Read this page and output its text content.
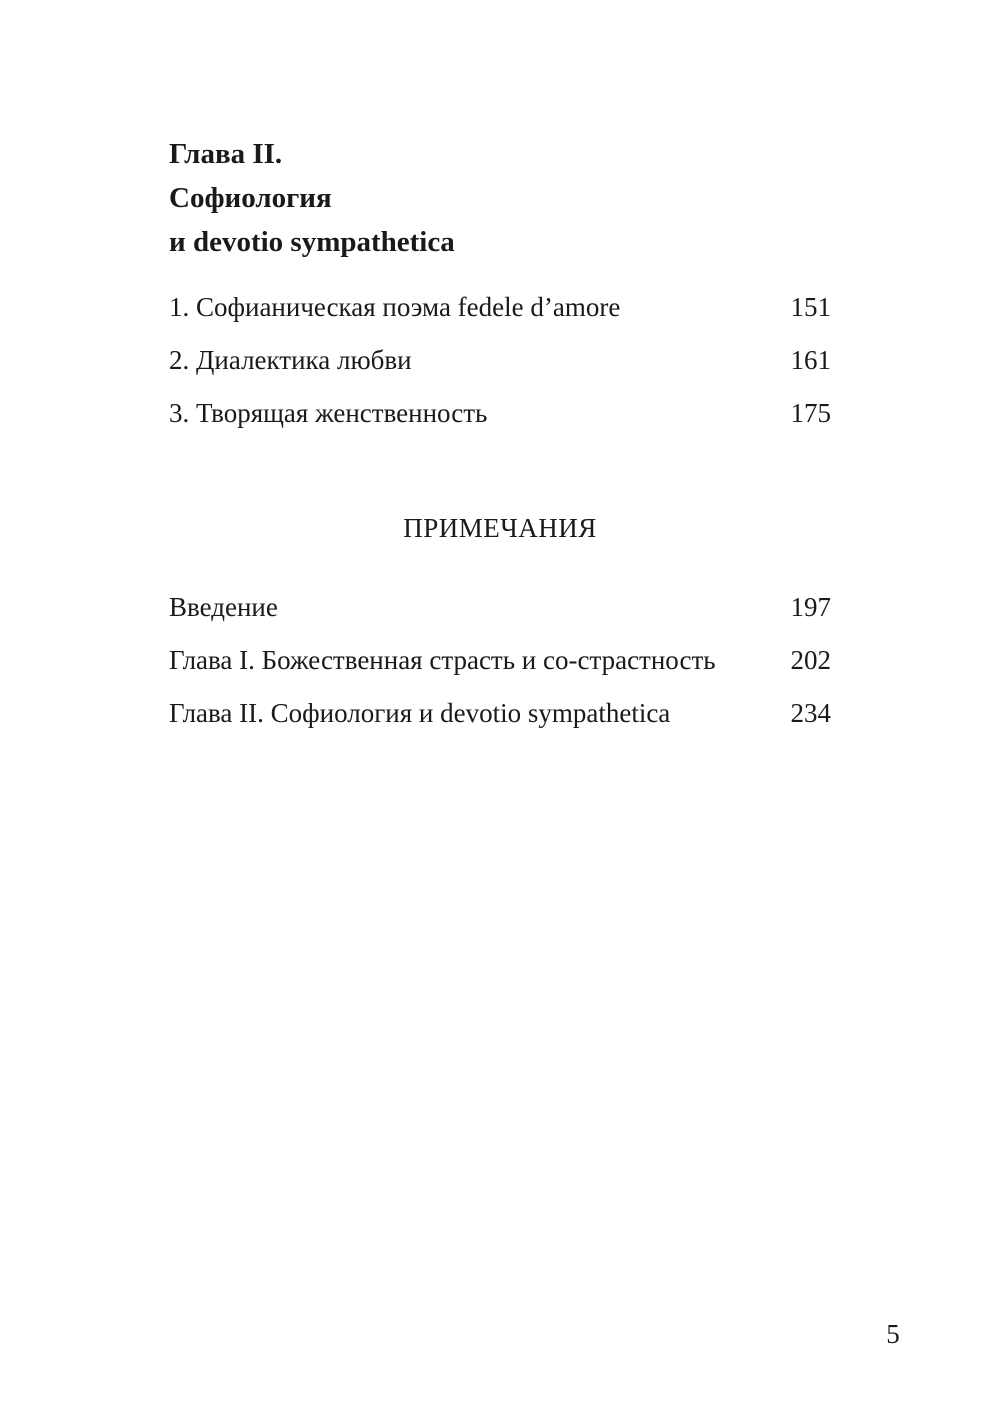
Глава II.
Софиология
и devotio sympathetica
1. Софианическая поэма fedele d’amore	151
2. Диалектика любви	161
3. Творящая женственность	175
ПРИМЕЧАНИЯ
Введение	197
Глава I. Божественная страсть и со-страстность	202
Глава II. Софиология и devotio sympathetica	234
5
